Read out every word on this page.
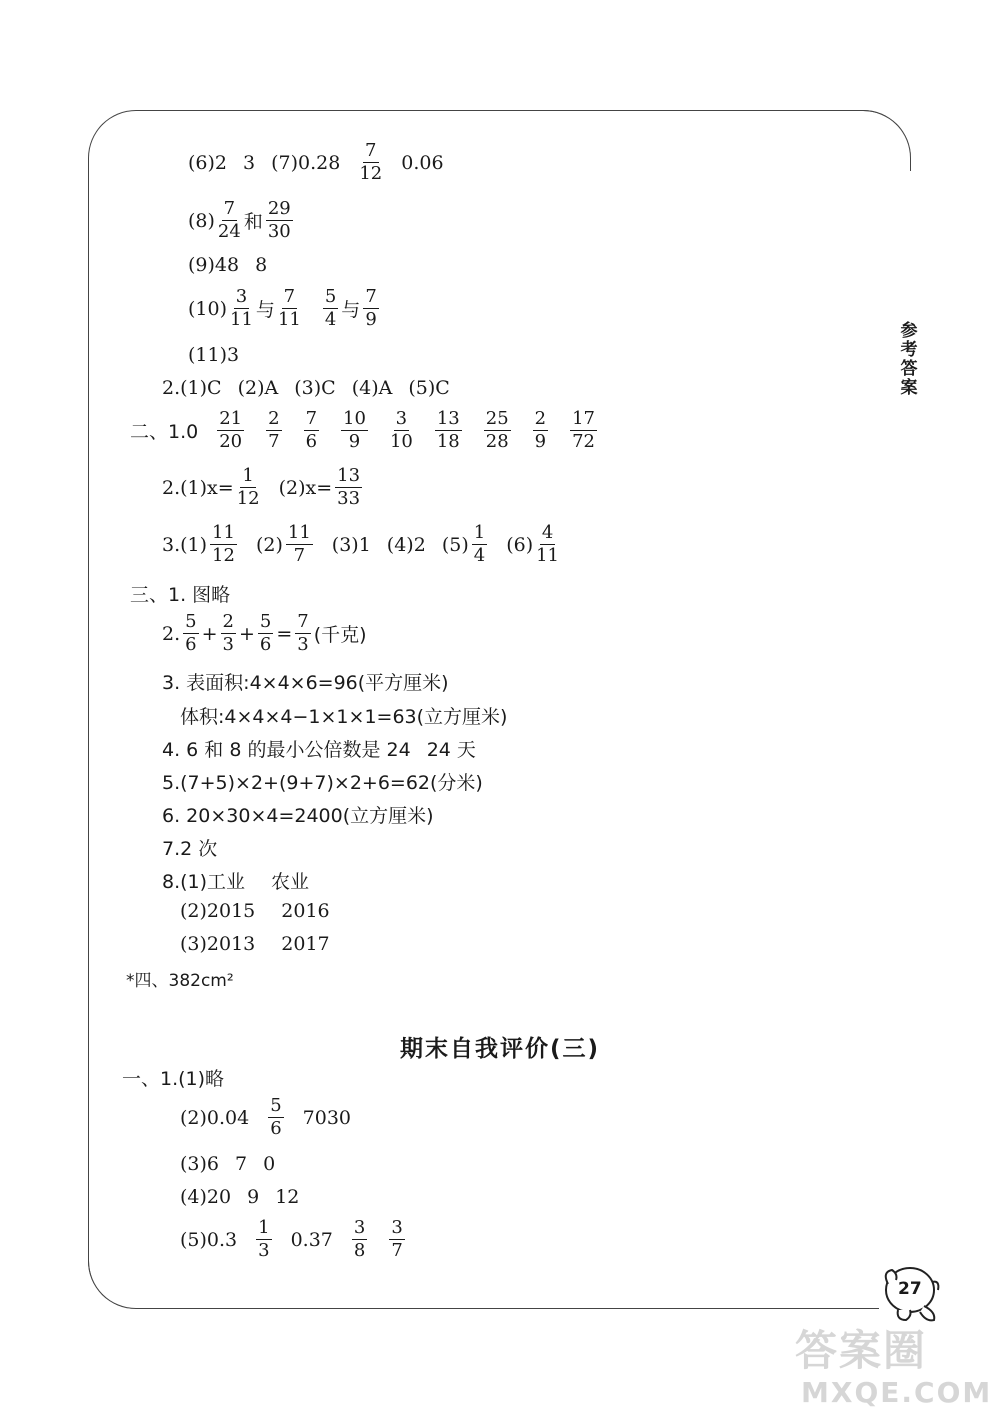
参考答案
(6)2 3 $(7)0.28 \frac{7}{12} 0.06$
$(8) \frac{7}{24}$ 和 $\frac{29}{30}$
(9)48 8
$(10) \frac{3}{11}$ 与 $\frac{7}{11} \frac{5}{4}$ 与 $\frac{7}{9}$
(11)3
2.(1)C (2)A (3)C (4)A (5)C
二、$1.0 \frac{21}{20} \frac{2}{7} \frac{7}{6} \frac{10}{9} \frac{3}{10} \frac{13}{18} \frac{25}{28} \frac{2}{9} \frac{17}{72}$
$2.(1)x= \frac{1}{12} (2)x= \frac{13}{33}$
$3.(1) \frac{11}{12} (2) \frac{11}{7} (3)1$ (4)2 $(5) \frac{1}{4} (6) \frac{4}{11}$
三、1. 图略
2. $\frac{5}{6} + \frac{2}{3} + \frac{5}{6} = \frac{7}{3}$ (千克)
3. 表面积:4×4×6=96(平方厘米)
体积:4×4×4−1×1×1=63(立方厘米)
4. 6 和 8 的最小公倍数是 24 24 天
5.(7+5)×2+(9+7)×2+6=62(分米)
6. 20×30×4=2400(立方厘米)
7.2 次
8.(1)工业 农业
(2)2015 2016
(3)2013 2017
*四、382cm²
期末自我评价(三)
一、1.(1)略
$(2)0.04 \frac{5}{6} 7030$
(3)6 7 0
(4)20 9 12
$(5)0.3 \frac{1}{3} 0.37 \frac{3}{8} \frac{3}{7}$
27
答案圈
MXQE.COM
